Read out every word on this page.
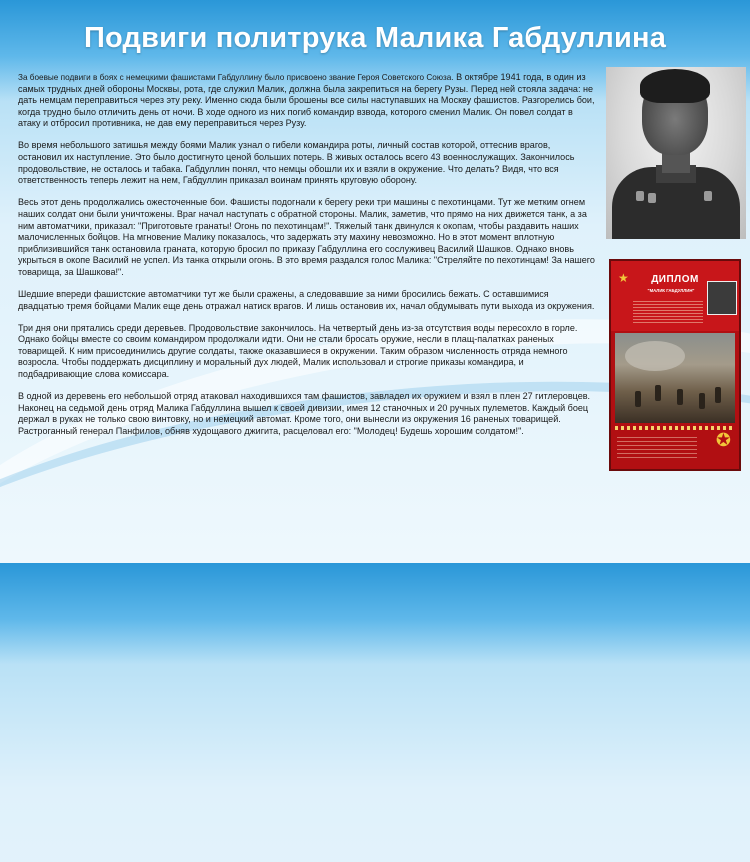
Подвиги политрука Малика Габдуллина

За боевые подвиги в боях с немецкими фашистами Габдуллину было присвоено звание Героя Советского Союза. В октябре 1941 года, в один из самых трудных дней обороны Москвы, рота, где служил Малик, должна была закрепиться на берегу Рузы. Перед ней стояла задача: не дать немцам переправиться через эту реку. Именно сюда были брошены все силы наступавших на Москву фашистов. Разгорелись бои, когда трудно было отличить день от ночи. В ходе одного из них погиб командир взвода, которого сменил Малик. Он повел солдат в атаку и отбросил противника, не дав ему переправиться через Рузу.

Во время небольшого затишья между боями Малик узнал о гибели командира роты, личный состав которой, оттеснив врагов, остановил их наступление. Это было достигнуто ценой больших потерь. В живых осталось всего 43 военнослужащих. Закончилось продовольствие, не осталось и табака. Габдуллин понял, что немцы обошли их и взяли в окружение. Что делать? Видя, что вся ответственность теперь лежит на нем, Габдуллин приказал воинам принять круговую оборону.

Весь этот день продолжались ожесточенные бои. Фашисты подогнали к берегу реки три машины с пехотинцами. Тут же метким огнем наших солдат они были уничтожены. Враг начал наступать с обратной стороны. Малик, заметив, что прямо на них движется танк, а за ним автоматчики, приказал: "Приготовьте гранаты! Огонь по пехотинцам!". Тяжелый танк двинулся к окопам, чтобы раздавить наших малочисленных бойцов. На мгновение Малику показалось, что задержать эту махину невозможно. Но в этот момент вплотную приблизившийся танк остановила граната, которую бросил по приказу Габдуллина его сослуживец Василий Шашков. Однако вновь укрыться в окопе Василий не успел. Из танка открыли огонь. В это время раздался голос Малика: "Стреляйте по пехотинцам! За нашего товарища, за Шашкова!".

Шедшие впереди фашистские автоматчики тут же были сражены, а следовавшие за ними бросились бежать. С оставшимися двадцатью тремя бойцами Малик еще день отражал натиск врагов. И лишь остановив их, начал обдумывать пути выхода из окружения.

Три дня они прятались среди деревьев. Продовольствие закончилось. На четвертый день из-за отсутствия воды пересохло в горле. Однако бойцы вместе со своим командиром продолжали идти. Они не стали бросать оружие, несли в плащ-палатках раненых товарищей. К ним присоединились другие солдаты, также оказавшиеся в окружении. Таким образом численность отряда немного возросла. Чтобы поддержать дисциплину и моральный дух людей, Малик использовал и строгие приказы командира, и подбадривающие слова комиссара.

В одной из деревень его небольшой отряд атаковал находившихся там фашистов, завладел их оружием и взял в плен 27 гитлеровцев. Наконец на седьмой день отряд Малика Габдуллина вышел к своей дивизии, имея 12 станочных и 20 ручных пулеметов. Каждый боец держал в руках не только свою винтовку, но и немецкий автомат. Кроме того, они вынесли из окружения 16 раненых товарищей. Растроганный генерал Панфилов, обняв худощавого джигита, расцеловал его: "Молодец! Будешь хорошим солдатом!".

★	ДИПЛОМ
"МАЛИК ГАБДУЛЛИН"
✪
